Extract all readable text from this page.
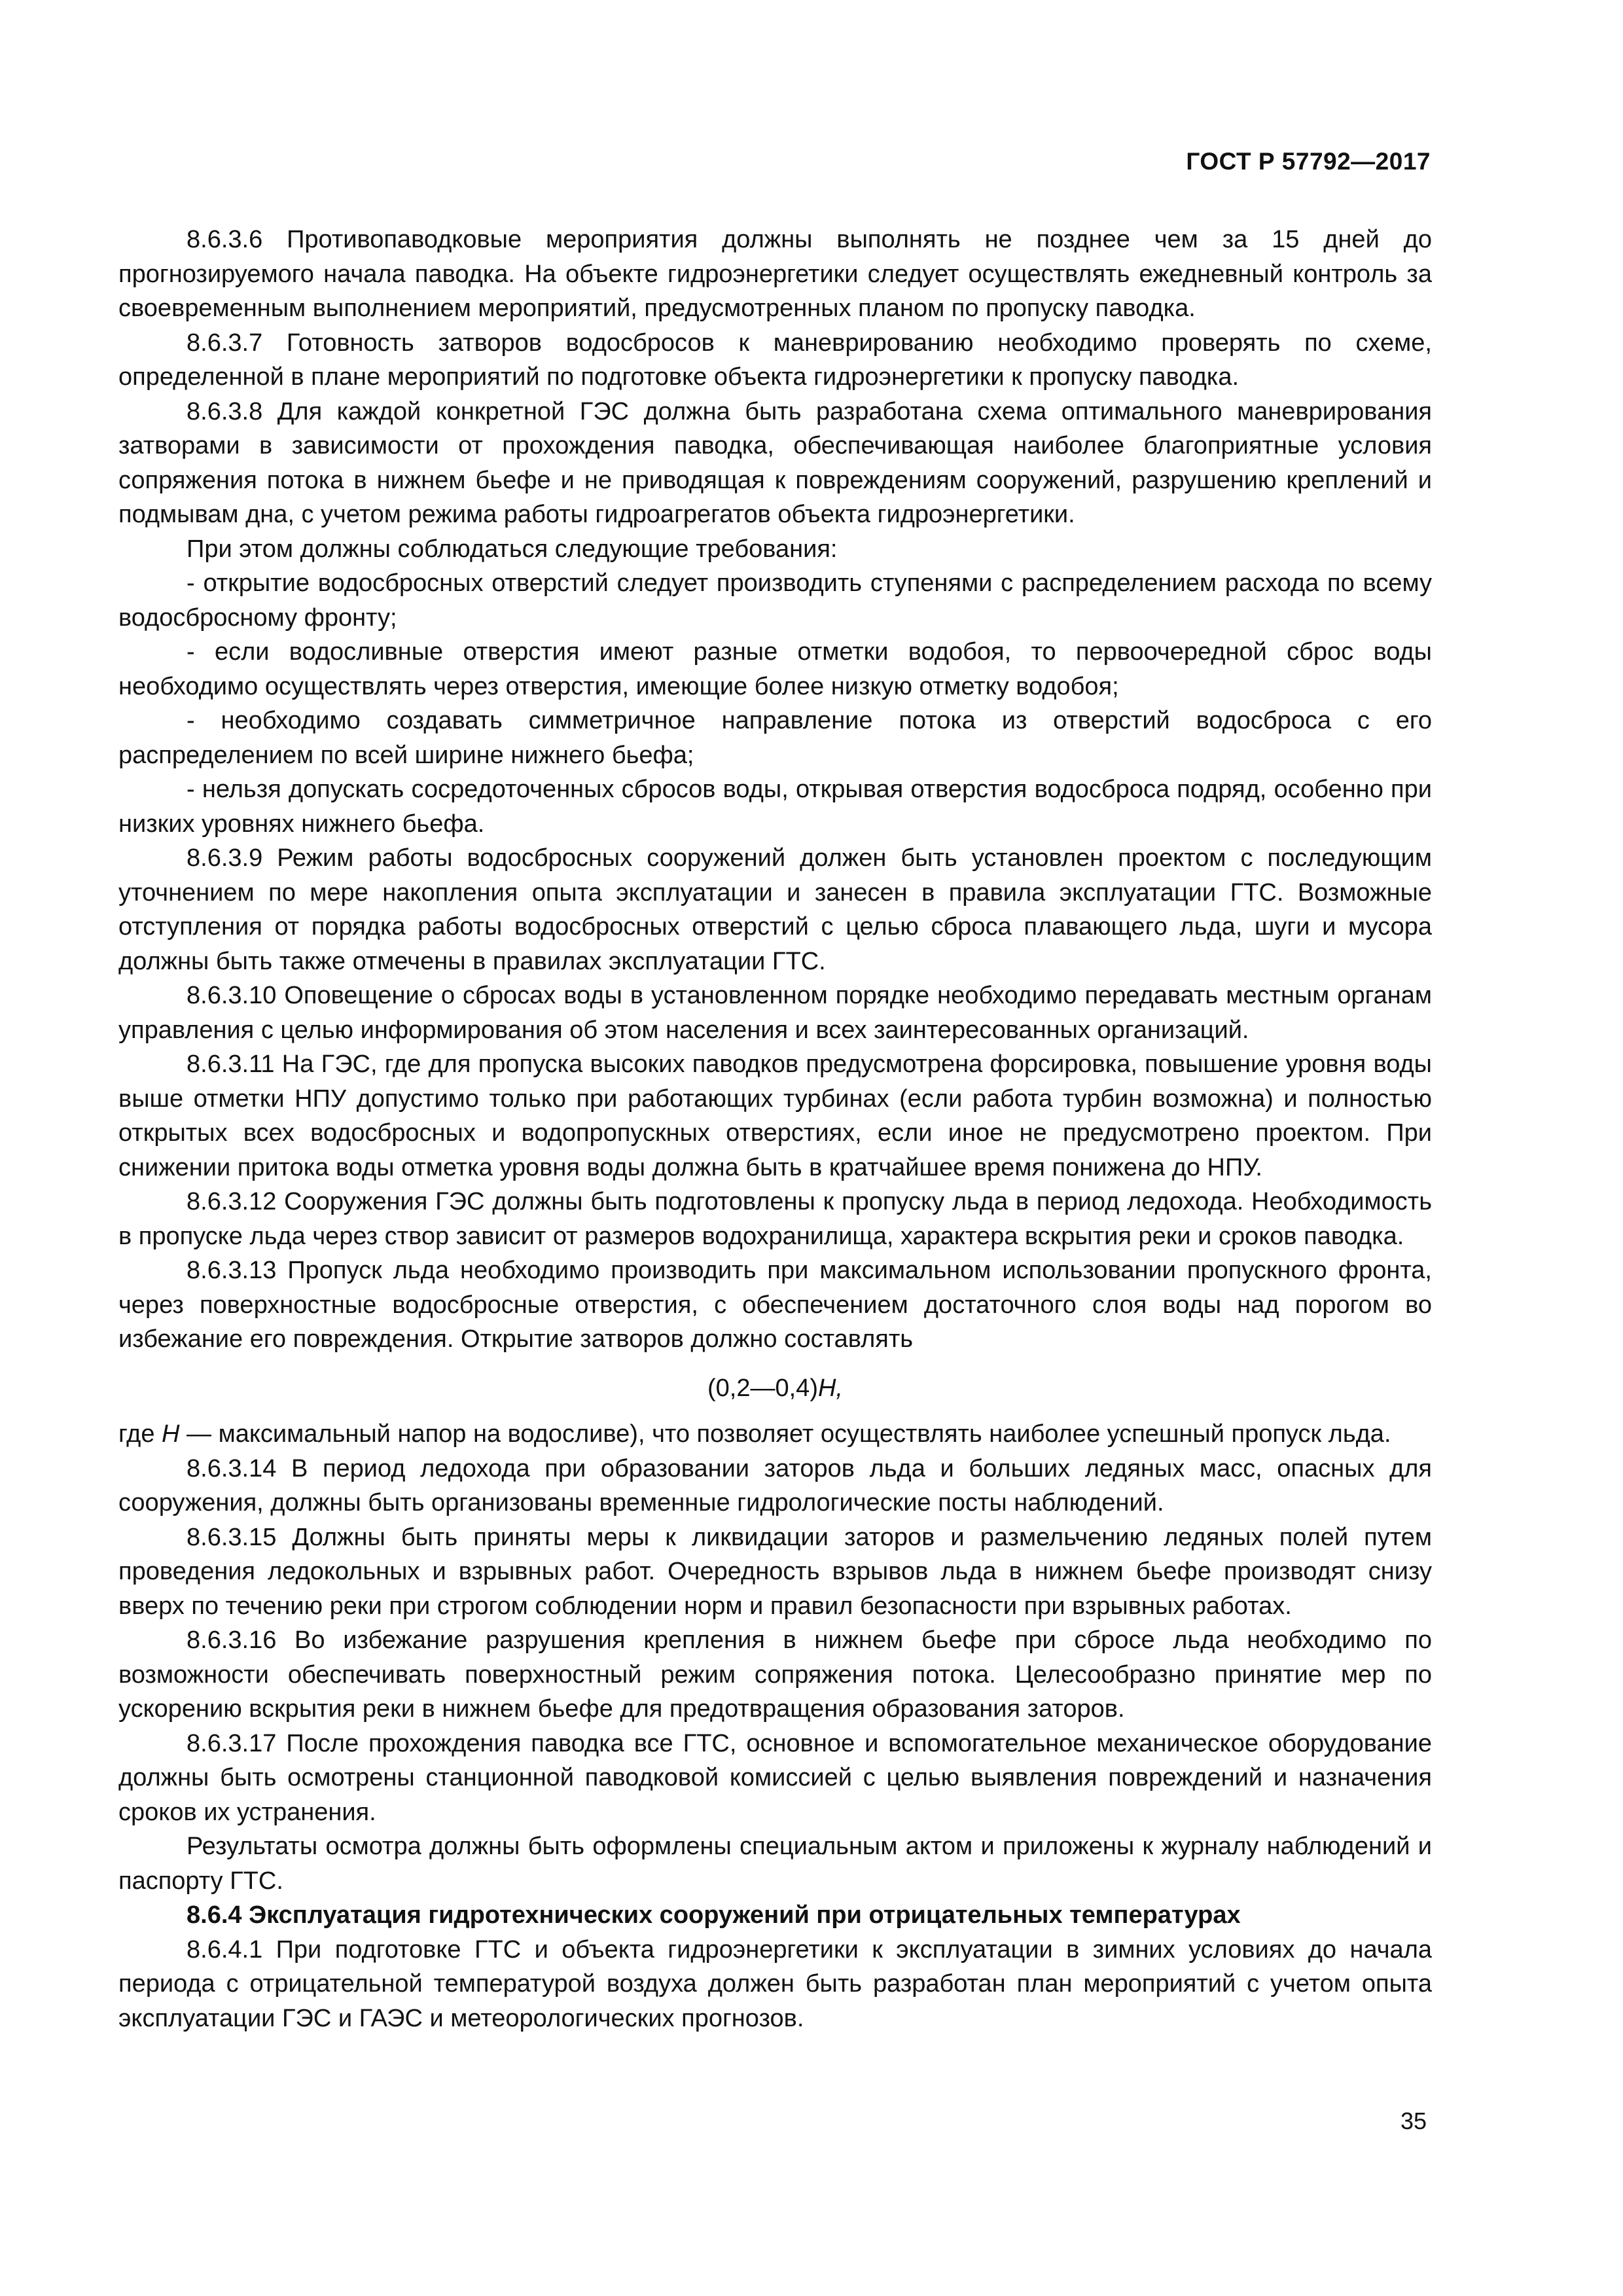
ГОСТ Р 57792—2017

8.6.3.6 Противопаводковые мероприятия должны выполнять не позднее чем за 15 дней до прогнозируемого начала паводка. На объекте гидроэнергетики следует осуществлять ежедневный контроль за своевременным выполнением мероприятий, предусмотренных планом по пропуску паводка.

8.6.3.7 Готовность затворов водосбросов к маневрированию необходимо проверять по схеме, определенной в плане мероприятий по подготовке объекта гидроэнергетики к пропуску паводка.

8.6.3.8 Для каждой конкретной ГЭС должна быть разработана схема оптимального маневрирования затворами в зависимости от прохождения паводка, обеспечивающая наиболее благоприятные условия сопряжения потока в нижнем бьефе и не приводящая к повреждениям сооружений, разрушению креплений и подмывам дна, с учетом режима работы гидроагрегатов объекта гидроэнергетики.

При этом должны соблюдаться следующие требования:

- открытие водосбросных отверстий следует производить ступенями с распределением расхода по всему водосбросному фронту;

- если водосливные отверстия имеют разные отметки водобоя, то первоочередной сброс воды необходимо осуществлять через отверстия, имеющие более низкую отметку водобоя;

- необходимо создавать симметричное направление потока из отверстий водосброса с его распределением по всей ширине нижнего бьефа;

- нельзя допускать сосредоточенных сбросов воды, открывая отверстия водосброса подряд, особенно при низких уровнях нижнего бьефа.

8.6.3.9 Режим работы водосбросных сооружений должен быть установлен проектом с последующим уточнением по мере накопления опыта эксплуатации и занесен в правила эксплуатации ГТС. Возможные отступления от порядка работы водосбросных отверстий с целью сброса плавающего льда, шуги и мусора должны быть также отмечены в правилах эксплуатации ГТС.

8.6.3.10 Оповещение о сбросах воды в установленном порядке необходимо передавать местным органам управления с целью информирования об этом населения и всех заинтересованных организаций.

8.6.3.11 На ГЭС, где для пропуска высоких паводков предусмотрена форсировка, повышение уровня воды выше отметки НПУ допустимо только при работающих турбинах (если работа турбин возможна) и полностью открытых всех водосбросных и водопропускных отверстиях, если иное не предусмотрено проектом. При снижении притока воды отметка уровня воды должна быть в кратчайшее время понижена до НПУ.

8.6.3.12 Сооружения ГЭС должны быть подготовлены к пропуску льда в период ледохода. Необходимость в пропуске льда через створ зависит от размеров водохранилища, характера вскрытия реки и сроков паводка.

8.6.3.13 Пропуск льда необходимо производить при максимальном использовании пропускного фронта, через поверхностные водосбросные отверстия, с обеспечением достаточного слоя воды над порогом во избежание его повреждения. Открытие затворов должно составлять

(0,2—0,4)H,

где H — максимальный напор на водосливе), что позволяет осуществлять наиболее успешный пропуск льда.

8.6.3.14 В период ледохода при образовании заторов льда и больших ледяных масс, опасных для сооружения, должны быть организованы временные гидрологические посты наблюдений.

8.6.3.15 Должны быть приняты меры к ликвидации заторов и размельчению ледяных полей путем проведения ледокольных и взрывных работ. Очередность взрывов льда в нижнем бьефе производят снизу вверх по течению реки при строгом соблюдении норм и правил безопасности при взрывных работах.

8.6.3.16 Во избежание разрушения крепления в нижнем бьефе при сбросе льда необходимо по возможности обеспечивать поверхностный режим сопряжения потока. Целесообразно принятие мер по ускорению вскрытия реки в нижнем бьефе для предотвращения образования заторов.

8.6.3.17 После прохождения паводка все ГТС, основное и вспомогательное механическое оборудование должны быть осмотрены станционной паводковой комиссией с целью выявления повреждений и назначения сроков их устранения.

Результаты осмотра должны быть оформлены специальным актом и приложены к журналу наблюдений и паспорту ГТС.

8.6.4 Эксплуатация гидротехнических сооружений при отрицательных температурах

8.6.4.1 При подготовке ГТС и объекта гидроэнергетики к эксплуатации в зимних условиях до начала периода с отрицательной температурой воздуха должен быть разработан план мероприятий с учетом опыта эксплуатации ГЭС и ГАЭС и метеорологических прогнозов.

35
